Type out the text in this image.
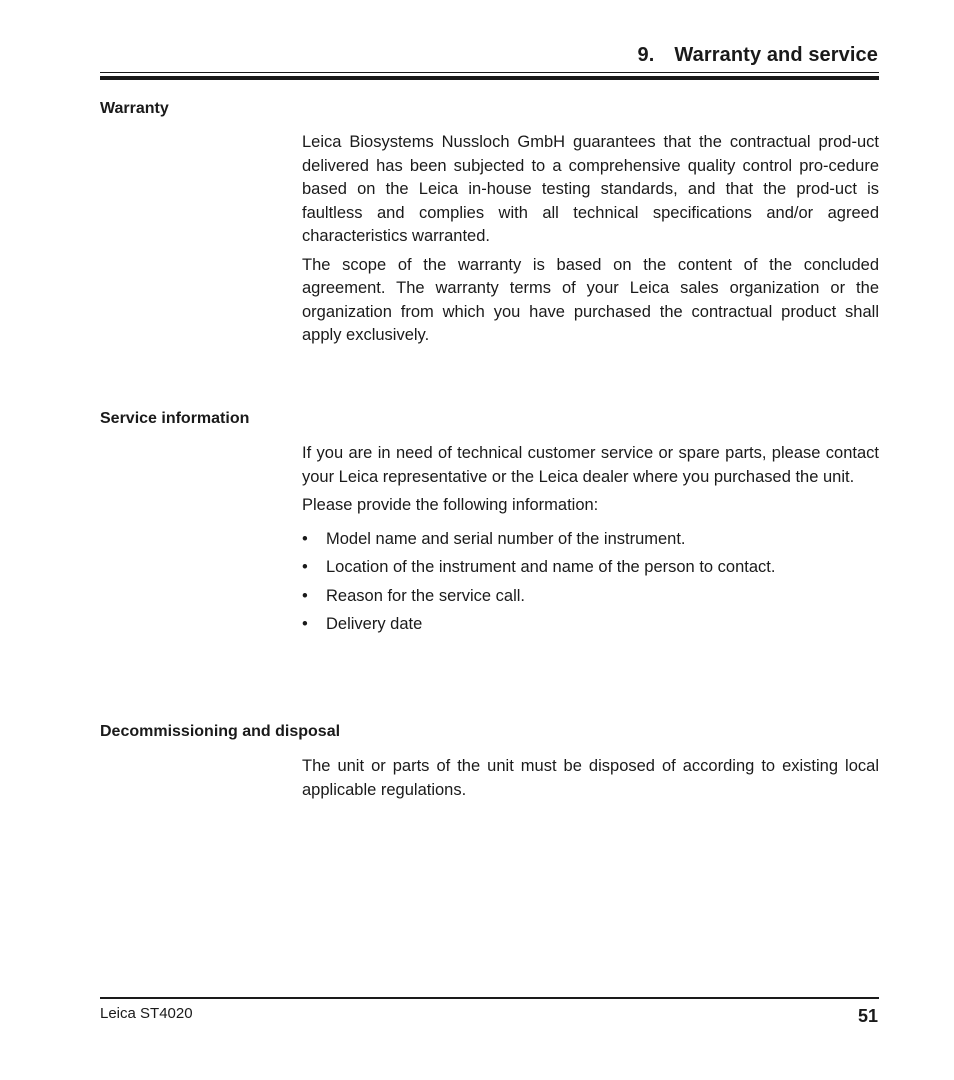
9. Warranty and service
Warranty

Leica Biosystems Nussloch GmbH guarantees that the contractual prod-uct delivered has been subjected to a comprehensive quality control pro-cedure based on the Leica in-house testing standards, and that the prod-uct is faultless and complies with all technical specifications and/or agreed characteristics warranted.

The scope of the warranty is based on the content of the concluded agreement. The warranty terms of your Leica sales organization or the organization from which you have purchased the contractual product shall apply exclusively.

Service information

If you are in need of technical customer service or spare parts, please contact your Leica representative or the Leica dealer where you purchased the unit.

Please provide the following information:

•	Model name and serial number of the instrument.
•	Location of the instrument and name of the person to contact.
•	Reason for the service call.
•	Delivery date
Decommissioning and disposal

The unit or parts of the unit must be disposed of according to existing local applicable regulations.

Leica ST4020	51
